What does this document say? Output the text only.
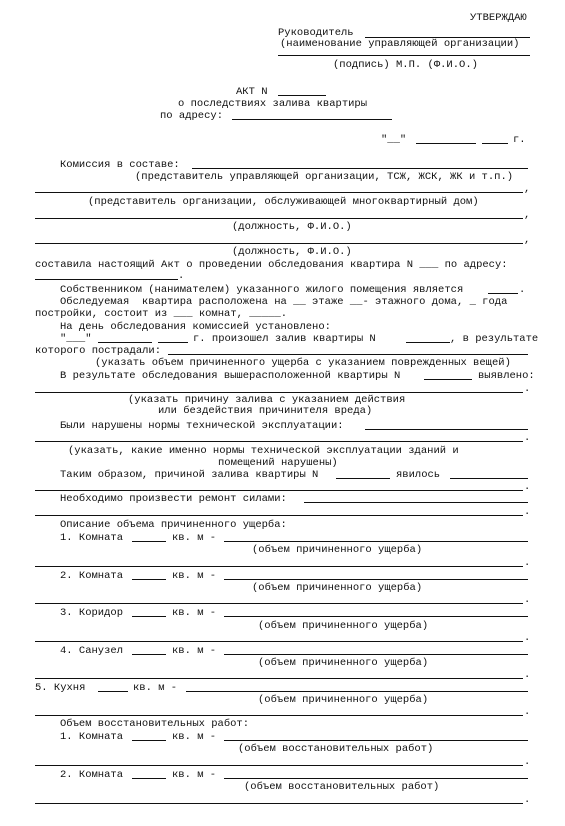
УТВЕРЖДАЮ
Руководитель
(наименование управляющей организации)
(подпись) М.П. (Ф.И.О.)
АКТ N
о последствиях залива квартиры
по адресу:
"__"	г.
Комиссия в составе:
(представитель управляющей организации, ТСЖ, ЖСК, ЖК и т.п.)
,
(представитель организации, обслуживающей многоквартирный дом)
,
(должность, Ф.И.О.)
,
(должность, Ф.И.О.)
составила настоящий Акт о проведении обследования квартира N ___ по адресу:
.
Собственником (нанимателем) указанного жилого помещения является	.
Обследуемая  квартира расположена на __ этаже __- этажного дома, _ года
постройки, состоит из ___ комнат, _____.
На день обследования комиссией установлено:
"___"	г. произошел залив квартиры N	, в результате
которого пострадали:
(указать объем причиненного ущерба с указанием поврежденных вещей)
В результате обследования вышерасположенной квартиры N	выявлено:
.
(указать причину залива с указанием действия
или бездействия причинителя вреда)
Были нарушены нормы технической эксплуатации:
.
(указать, какие именно нормы технической эксплуатации зданий и
помещений нарушены)
Таким образом, причиной залива квартиры N	явилось
.
Необходимо произвести ремонт силами:
.
Описание объема причиненного ущерба:
1. Комната	кв. м -
(объем причиненного ущерба)
.
2. Комната	кв. м -
(объем причиненного ущерба)
.
3. Коридор	кв. м -
(объем причиненного ущерба)
.
4. Санузел	кв. м -
(объем причиненного ущерба)
.
5. Кухня	кв. м -
(объем причиненного ущерба)
.
Объем восстановительных работ:
1. Комната	кв. м -
(объем восстановительных работ)
.
2. Комната	кв. м -
(объем восстановительных работ)
.
